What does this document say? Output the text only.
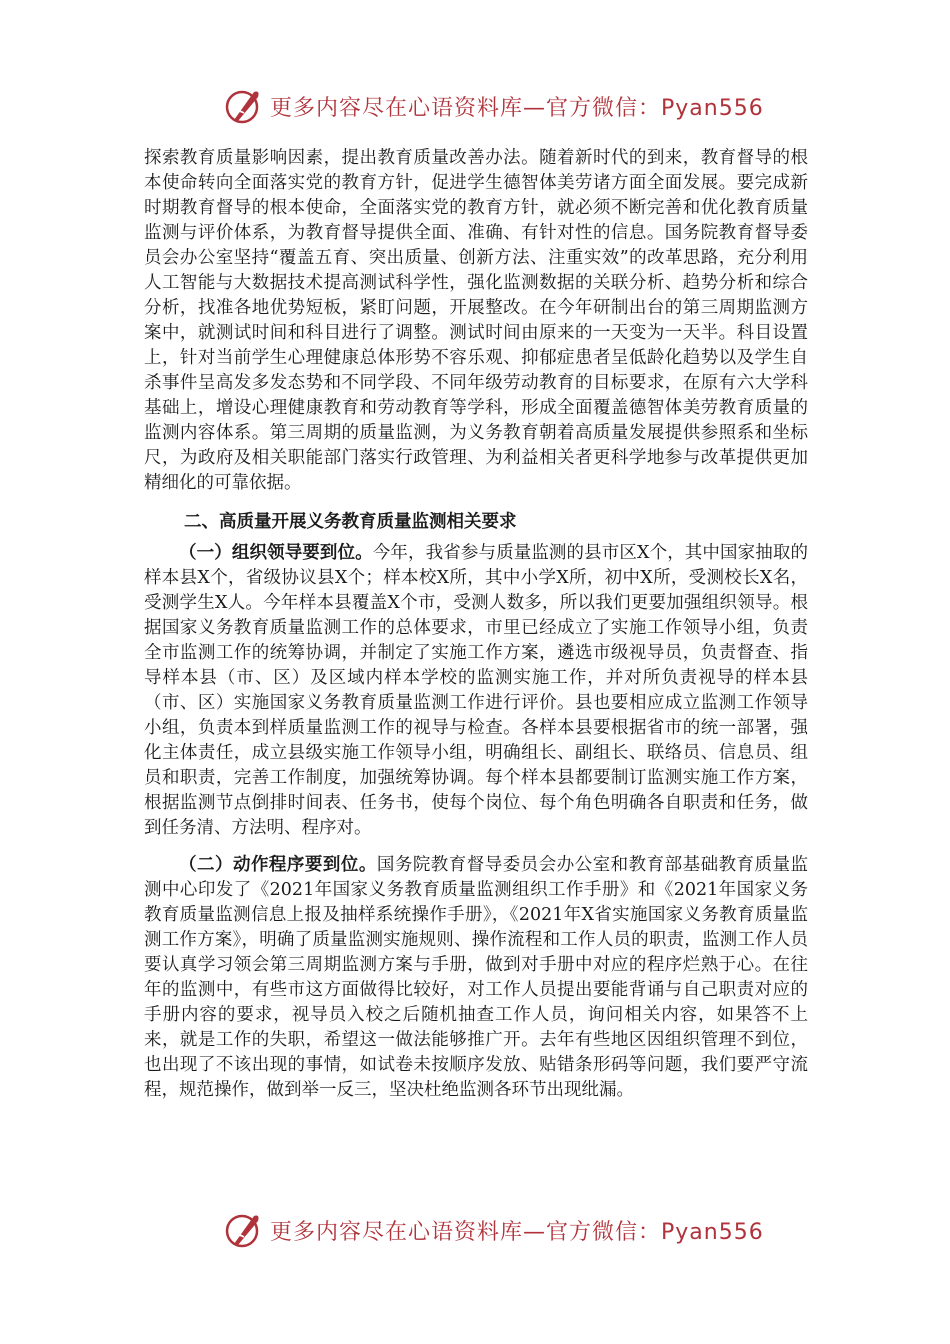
更多内容尽在心语资料库—官方微信：Pyan556

探索教育质量影响因素，提出教育质量改善办法。随着新时代的到来，教育督导的根本使命转向全面落实党的教育方针，促进学生德智体美劳诸方面全面发展。要完成新时期教育督导的根本使命，全面落实党的教育方针，就必须不断完善和优化教育质量监测与评价体系，为教育督导提供全面、准确、有针对性的信息。国务院教育督导委员会办公室坚持“覆盖五育、突出质量、创新方法、注重实效”的改革思路，充分利用人工智能与大数据技术提高测试科学性，强化监测数据的关联分析、趋势分析和综合分析，找准各地优势短板，紧盯问题，开展整改。在今年研制出台的第三周期监测方案中，就测试时间和科目进行了调整。测试时间由原来的一天变为一天半。科目设置上，针对当前学生心理健康总体形势不容乐观、抑郁症患者呈低龄化趋势以及学生自杀事件呈高发多发态势和不同学段、不同年级劳动教育的目标要求，在原有六大学科基础上，增设心理健康教育和劳动教育等学科，形成全面覆盖德智体美劳教育质量的监测内容体系。第三周期的质量监测，为义务教育朝着高质量发展提供参照系和坐标尺，为政府及相关职能部门落实行政管理、为利益相关者更科学地参与改革提供更加精细化的可靠依据。

二、高质量开展义务教育质量监测相关要求

（一）组织领导要到位。今年，我省参与质量监测的县市区X个，其中国家抽取的样本县X个，省级协议县X个；样本校X所，其中小学X所，初中X所，受测校长X名，受测学生X人。今年样本县覆盖X个市，受测人数多，所以我们更要加强组织领导。根据国家义务教育质量监测工作的总体要求，市里已经成立了实施工作领导小组，负责全市监测工作的统筹协调，并制定了实施工作方案，遴选市级视导员，负责督查、指导样本县（市、区）及区域内样本学校的监测实施工作，并对所负责视导的样本县（市、区）实施国家义务教育质量监测工作进行评价。县也要相应成立监测工作领导小组，负责本到样质量监测工作的视导与检查。各样本县要根据省市的统一部署，强化主体责任，成立县级实施工作领导小组，明确组长、副组长、联络员、信息员、组员和职责，完善工作制度，加强统筹协调。每个样本县都要制订监测实施工作方案，根据监测节点倒排时间表、任务书，使每个岗位、每个角色明确各自职责和任务，做到任务清、方法明、程序对。

（二）动作程序要到位。国务院教育督导委员会办公室和教育部基础教育质量监测中心印发了《2021年国家义务教育质量监测组织工作手册》和《2021年国家义务教育质量监测信息上报及抽样系统操作手册》，《2021年X省实施国家义务教育质量监测工作方案》，明确了质量监测实施规则、操作流程和工作人员的职责，监测工作人员要认真学习领会第三周期监测方案与手册，做到对手册中对应的程序烂熟于心。在往年的监测中，有些市这方面做得比较好，对工作人员提出要能背诵与自己职责对应的手册内容的要求，视导员入校之后随机抽查工作人员，询问相关内容，如果答不上来，就是工作的失职，希望这一做法能够推广开。去年有些地区因组织管理不到位，也出现了不该出现的事情，如试卷未按顺序发放、贴错条形码等问题，我们要严守流程，规范操作，做到举一反三，坚决杜绝监测各环节出现纰漏。

更多内容尽在心语资料库—官方微信：Pyan556
